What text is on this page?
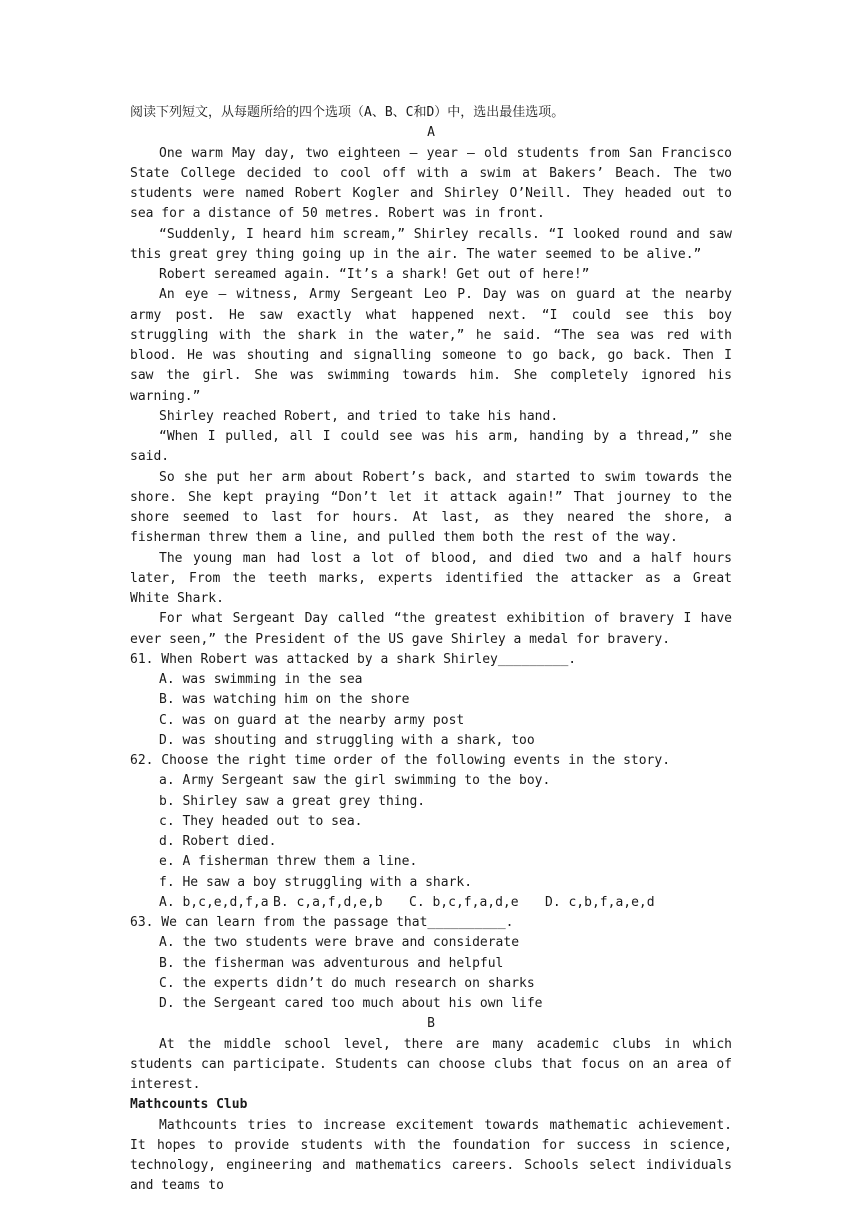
阅读下列短文，从每题所给的四个选项（A、B、C和D）中，选出最佳选项。
A
One warm May day, two eighteen – year – old students from San Francisco State College decided to cool off with a swim at Bakers’ Beach. The two students were named Robert Kogler and Shirley O’Neill. They headed out to sea for a distance of 50 metres. Robert was in front.
“Suddenly, I heard him scream,” Shirley recalls. “I looked round and saw this great grey thing going up in the air. The water seemed to be alive.”
Robert sereamed again. “It’s a shark! Get out of here!”
An eye – witness, Army Sergeant Leo P. Day was on guard at the nearby army post. He saw exactly what happened next. “I could see this boy struggling with the shark in the water,” he said. “The sea was red with blood. He was shouting and signalling someone to go back, go back. Then I saw the girl. She was swimming towards him. She completely ignored his warning.”
Shirley reached Robert, and tried to take his hand.
“When I pulled, all I could see was his arm, handing by a thread,” she said.
So she put her arm about Robert’s back, and started to swim towards the shore. She kept praying “Don’t let it attack again!” That journey to the shore seemed to last for hours. At last, as they neared the shore, a fisherman threw them a line, and pulled them both the rest of the way.
The young man had lost a lot of blood, and died two and a half hours later, From the teeth marks, experts identified the attacker as a Great White Shark.
For what Sergeant Day called “the greatest exhibition of bravery I have ever seen,” the President of the US gave Shirley a medal for bravery.
61. When Robert was attacked by a shark Shirley_________.
A. was swimming in the sea
B. was watching him on the shore
C. was on guard at the nearby army post
D. was shouting and struggling with a shark, too
62. Choose the right time order of the following events in the story.
a. Army Sergeant saw the girl swimming to the boy.
b. Shirley saw a great grey thing.
c. They headed out to sea.
d. Robert died.
e. A fisherman threw them a line.
f. He saw a boy struggling with a shark.
A. b,c,e,d,f,a B. c,a,f,d,e,b C. b,c,f,a,d,e D. c,b,f,a,e,d
63. We can learn from the passage that__________.
A. the two students were brave and considerate
B. the fisherman was adventurous and helpful
C. the experts didn’t do much research on sharks
D. the Sergeant cared too much about his own life
B
At the middle school level, there are many academic clubs in which students can participate. Students can choose clubs that focus on an area of interest.
Mathcounts Club
Mathcounts tries to increase excitement towards mathematic achievement. It hopes to provide students with the foundation for success in science, technology, engineering and mathematics careers. Schools select individuals and teams to
